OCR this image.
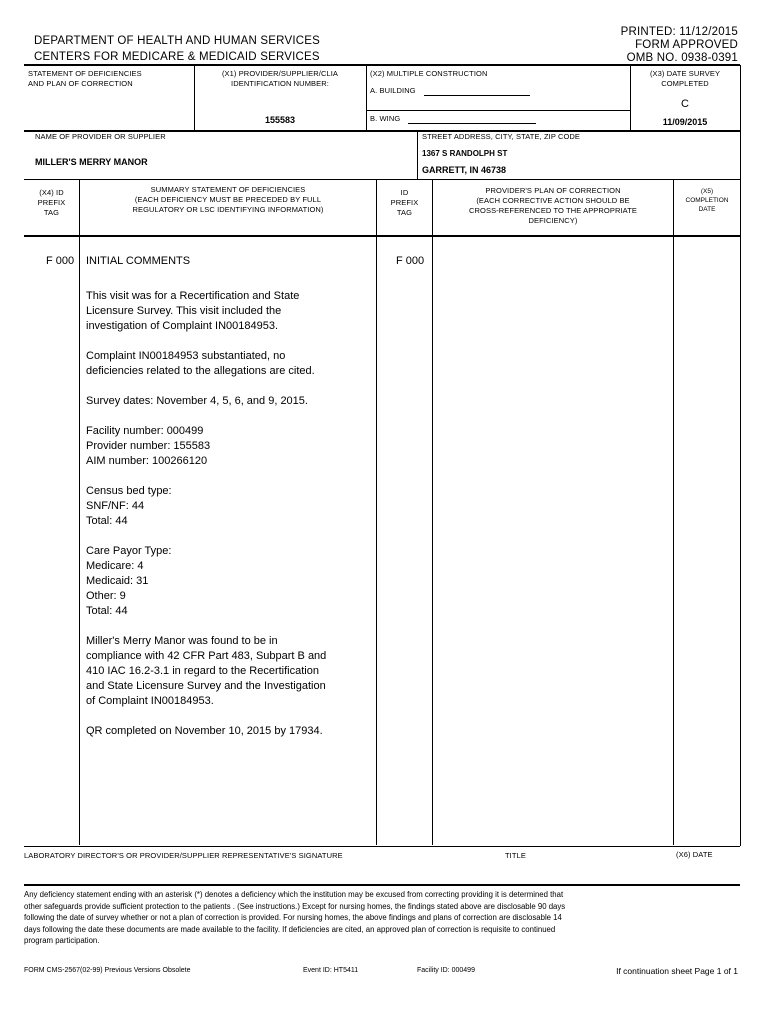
PRINTED: 11/12/2015
FORM APPROVED
OMB NO. 0938-0391
DEPARTMENT OF HEALTH AND HUMAN SERVICES
CENTERS FOR MEDICARE & MEDICAID SERVICES
STATEMENT OF DEFICIENCIES
AND PLAN OF CORRECTION
(X1) PROVIDER/SUPPLIER/CLIA
IDENTIFICATION NUMBER:
155583
(X2) MULTIPLE CONSTRUCTION
A. BUILDING
B. WING
(X3) DATE SURVEY
COMPLETED
C
11/09/2015
NAME OF PROVIDER OR SUPPLIER
MILLER'S MERRY MANOR
STREET ADDRESS, CITY, STATE, ZIP CODE
1367 S RANDOLPH ST
GARRETT, IN 46738
(X4) ID
PREFIX
TAG
SUMMARY STATEMENT OF DEFICIENCIES
(EACH DEFICIENCY MUST BE PRECEDED BY FULL
REGULATORY OR LSC IDENTIFYING INFORMATION)
ID
PREFIX
TAG
PROVIDER'S PLAN OF CORRECTION
(EACH CORRECTIVE ACTION SHOULD BE
CROSS-REFERENCED TO THE APPROPRIATE
DEFICIENCY)
(X5)
COMPLETION
DATE
F 000 INITIAL COMMENTS	F 000
This visit was for a Recertification and State
Licensure Survey. This visit included the
investigation of Complaint IN00184953.

Complaint IN00184953 substantiated, no
deficiencies related to the allegations are cited.

Survey dates: November 4, 5, 6, and 9, 2015.

Facility number: 000499
Provider number: 155583
AIM number: 100266120

Census bed type:
SNF/NF: 44
Total: 44

Care Payor Type:
Medicare: 4
Medicaid: 31
Other: 9
Total: 44

Miller's Merry Manor was found to be in
compliance with 42 CFR Part 483, Subpart B and
410 IAC 16.2-3.1 in regard to the Recertification
and State Licensure Survey and the Investigation
of Complaint IN00184953.

QR completed on November 10, 2015 by 17934.
LABORATORY DIRECTOR'S OR PROVIDER/SUPPLIER REPRESENTATIVE'S SIGNATURE	TITLE	(X6) DATE
Any deficiency statement ending with an asterisk (*) denotes a deficiency which the institution may be excused from correcting providing it is determined that
other safeguards provide sufficient protection to the patients . (See instructions.) Except for nursing homes, the findings stated above are disclosable 90 days
following the date of survey whether or not a plan of correction is provided. For nursing homes, the above findings and plans of correction are disclosable 14
days following the date these documents are made available to the facility. If deficiencies are cited, an approved plan of correction is requisite to continued
program participation.
FORM CMS-2567(02-99) Previous Versions Obsolete	Event ID: HT5411	Facility ID: 000499	If continuation sheet Page 1 of 1
